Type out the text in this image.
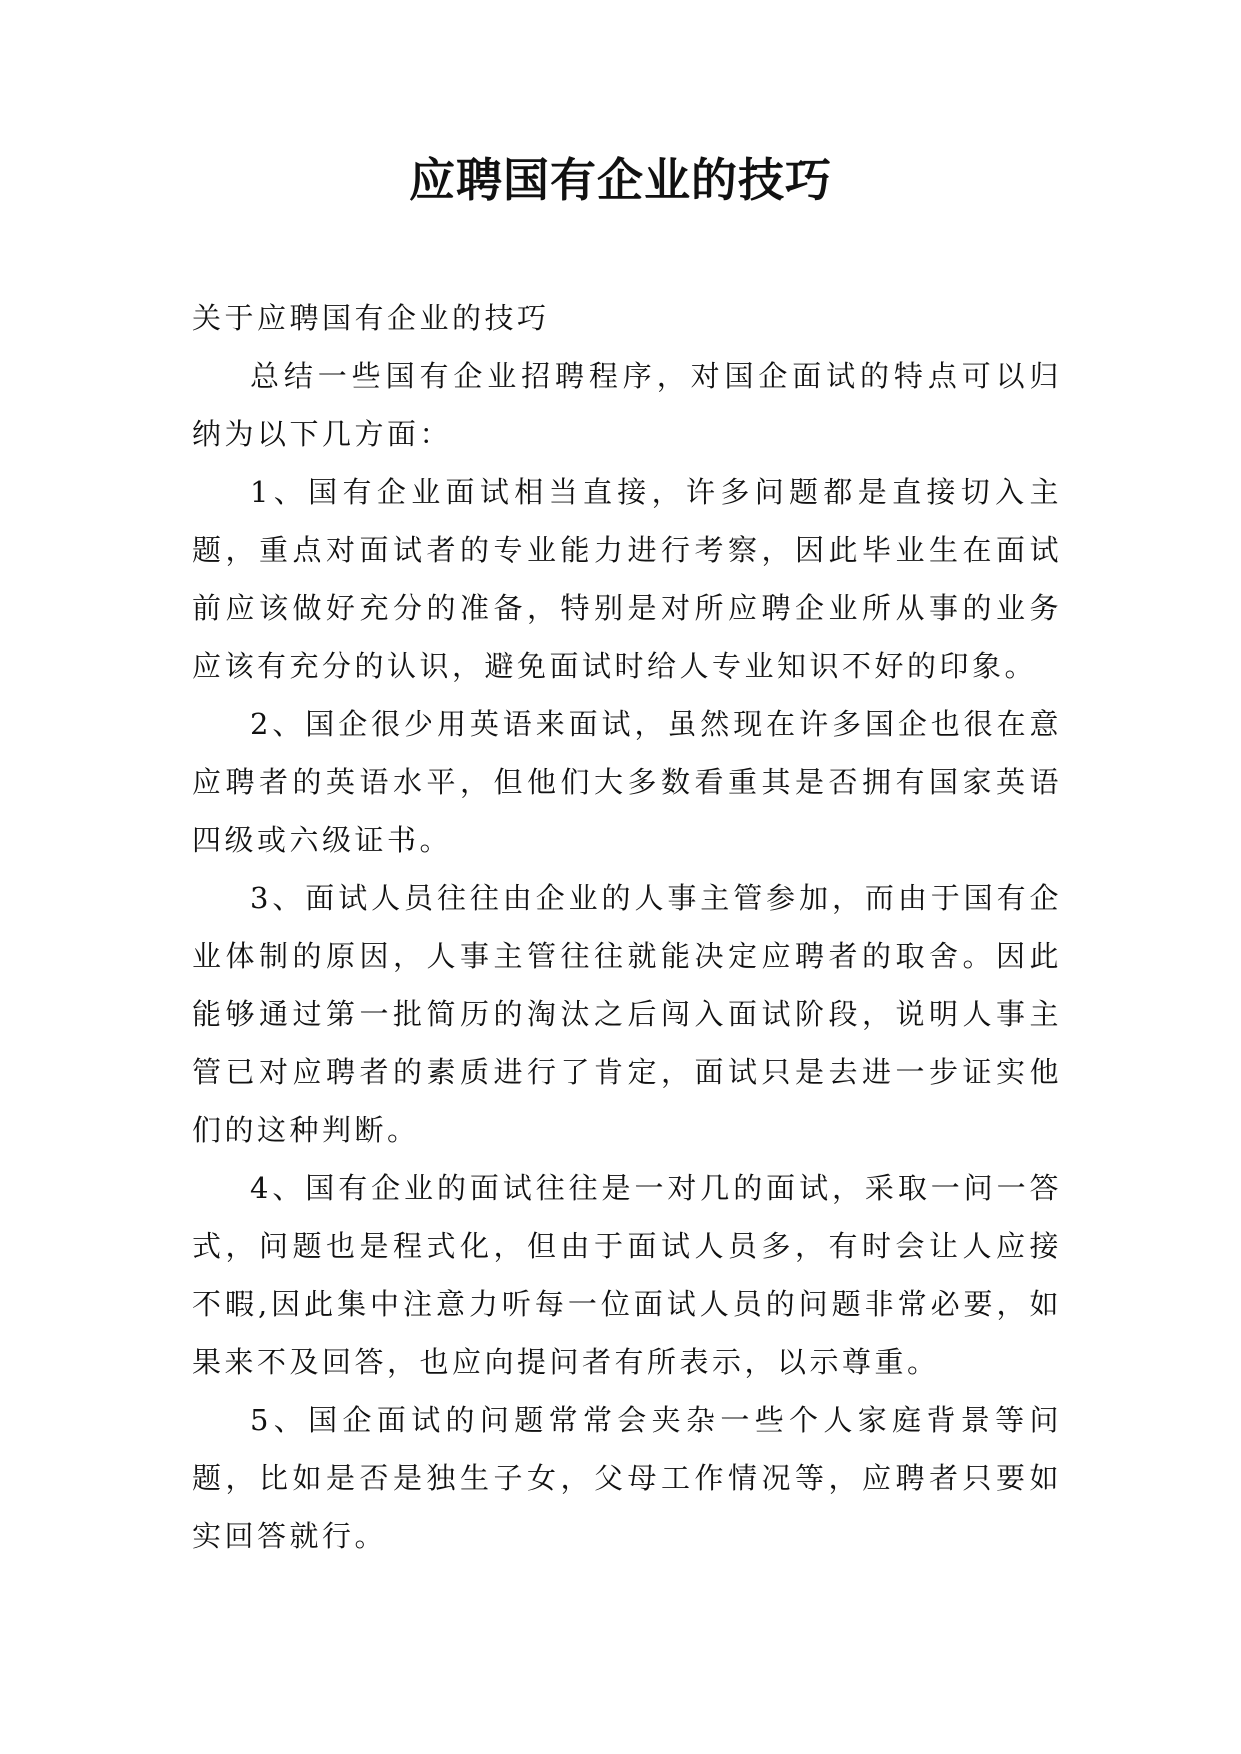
应聘国有企业的技巧

关于应聘国有企业的技巧

总结一些国有企业招聘程序，对国企面试的特点可以归纳为以下几方面：

1、国有企业面试相当直接，许多问题都是直接切入主题，重点对面试者的专业能力进行考察，因此毕业生在面试前应该做好充分的准备，特别是对所应聘企业所从事的业务应该有充分的认识，避免面试时给人专业知识不好的印象。

2、国企很少用英语来面试，虽然现在许多国企也很在意应聘者的英语水平，但他们大多数看重其是否拥有国家英语四级或六级证书。

3、面试人员往往由企业的人事主管参加，而由于国有企业体制的原因，人事主管往往就能决定应聘者的取舍。因此能够通过第一批简历的淘汰之后闯入面试阶段，说明人事主管已对应聘者的素质进行了肯定，面试只是去进一步证实他们的这种判断。

4、国有企业的面试往往是一对几的面试，采取一问一答式，问题也是程式化，但由于面试人员多，有时会让人应接不暇,因此集中注意力听每一位面试人员的问题非常必要，如果来不及回答，也应向提问者有所表示，以示尊重。

5、国企面试的问题常常会夹杂一些个人家庭背景等问题，比如是否是独生子女，父母工作情况等，应聘者只要如实回答就行。
